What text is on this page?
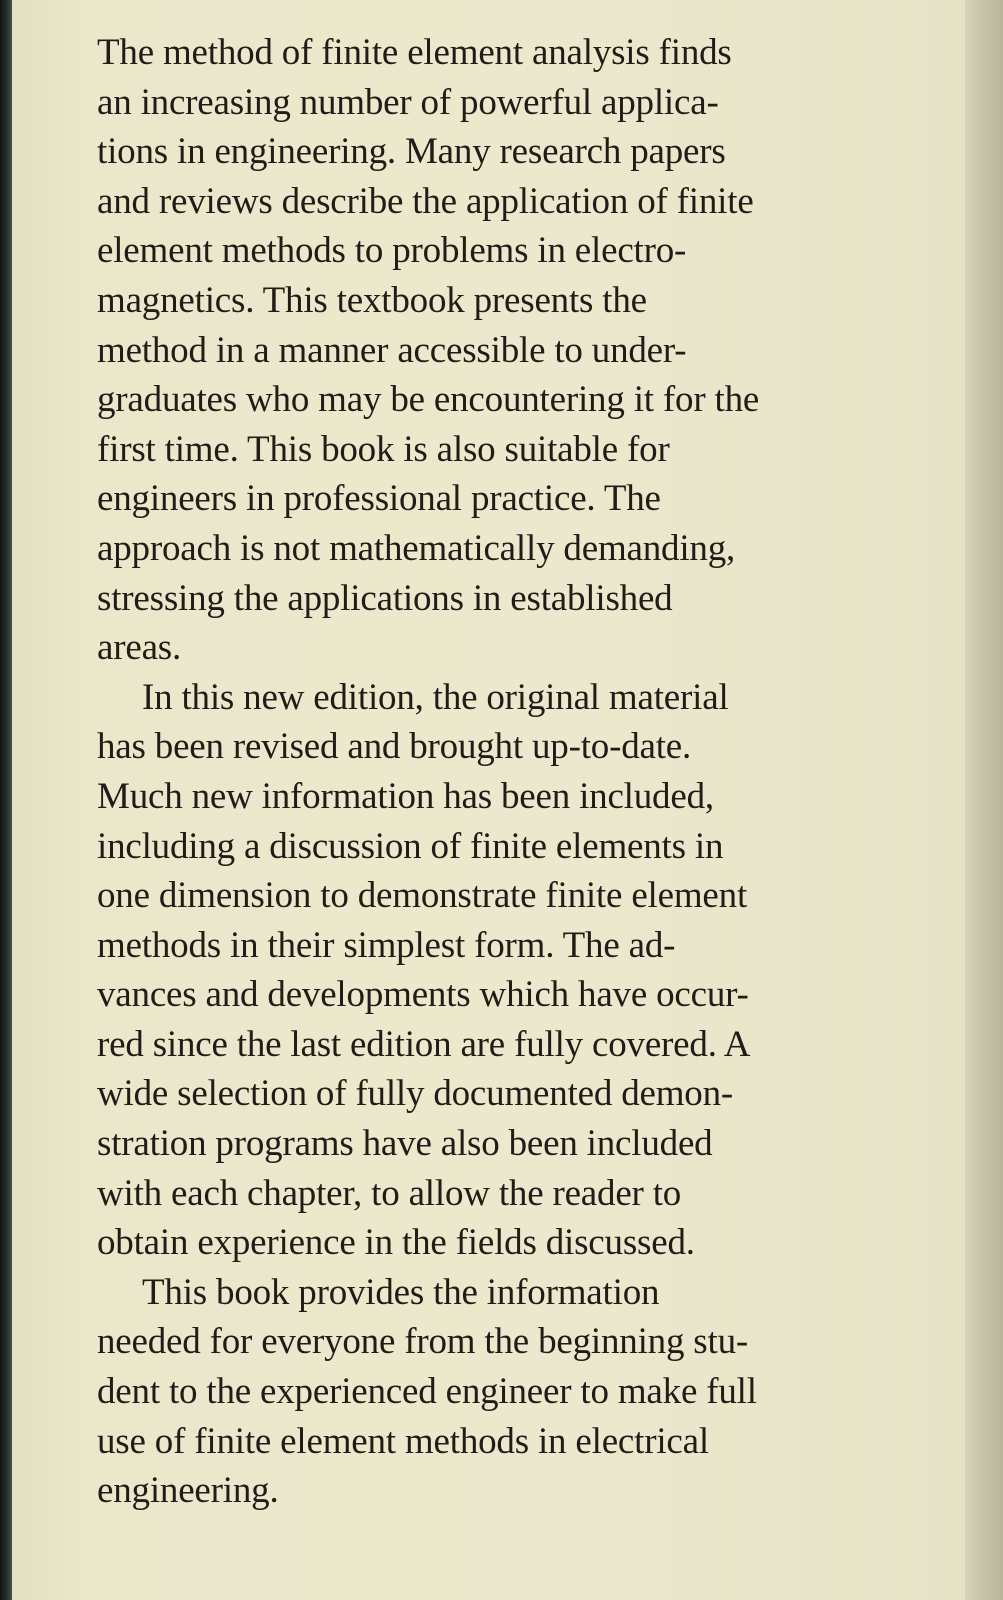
The method of finite element analysis finds
an increasing number of powerful applica-
tions in engineering. Many research papers
and reviews describe the application of finite
element methods to problems in electro-
magnetics. This textbook presents the
method in a manner accessible to under-
graduates who may be encountering it for the
first time. This book is also suitable for
engineers in professional practice. The
approach is not mathematically demanding,
stressing the applications in established
areas.
In this new edition, the original material
has been revised and brought up-to-date.
Much new information has been included,
including a discussion of finite elements in
one dimension to demonstrate finite element
methods in their simplest form. The ad-
vances and developments which have occur-
red since the last edition are fully covered. A
wide selection of fully documented demon-
stration programs have also been included
with each chapter, to allow the reader to
obtain experience in the fields discussed.
This book provides the information
needed for everyone from the beginning stu-
dent to the experienced engineer to make full
use of finite element methods in electrical
engineering.
